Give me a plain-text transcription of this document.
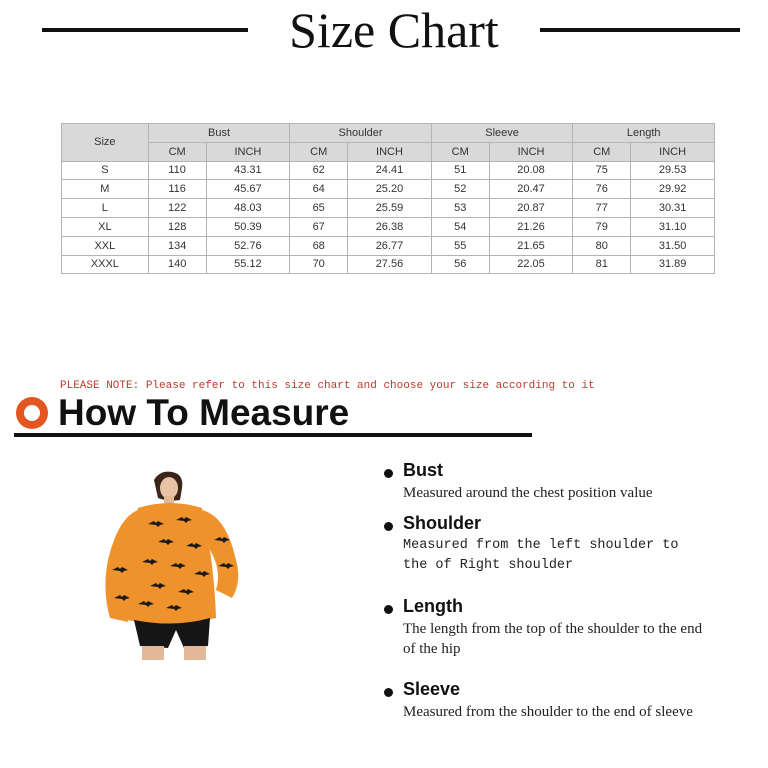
Size Chart
Size	Bust		Shoulder		Sleeve		Length	
	CM	INCH	CM	INCH	CM	INCH	CM	INCH
S	110	43.31	62	24.41	51	20.08	75	29.53
M	116	45.67	64	25.20	52	20.47	76	29.92
L	122	48.03	65	25.59	53	20.87	77	30.31
XL	128	50.39	67	26.38	54	21.26	79	31.10
XXL	134	52.76	68	26.77	55	21.65	80	31.50
XXXL	140	55.12	70	27.56	56	22.05	81	31.89
PLEASE NOTE: Please refer to this size chart and choose your size according to it
How To Measure
Bust
Measured around the chest position value
Shoulder
Measured from the left shoulder to the of Right shoulder
Length
The length from the top of the shoulder to the end of the hip
Sleeve
Measured from the shoulder to the end of sleeve
